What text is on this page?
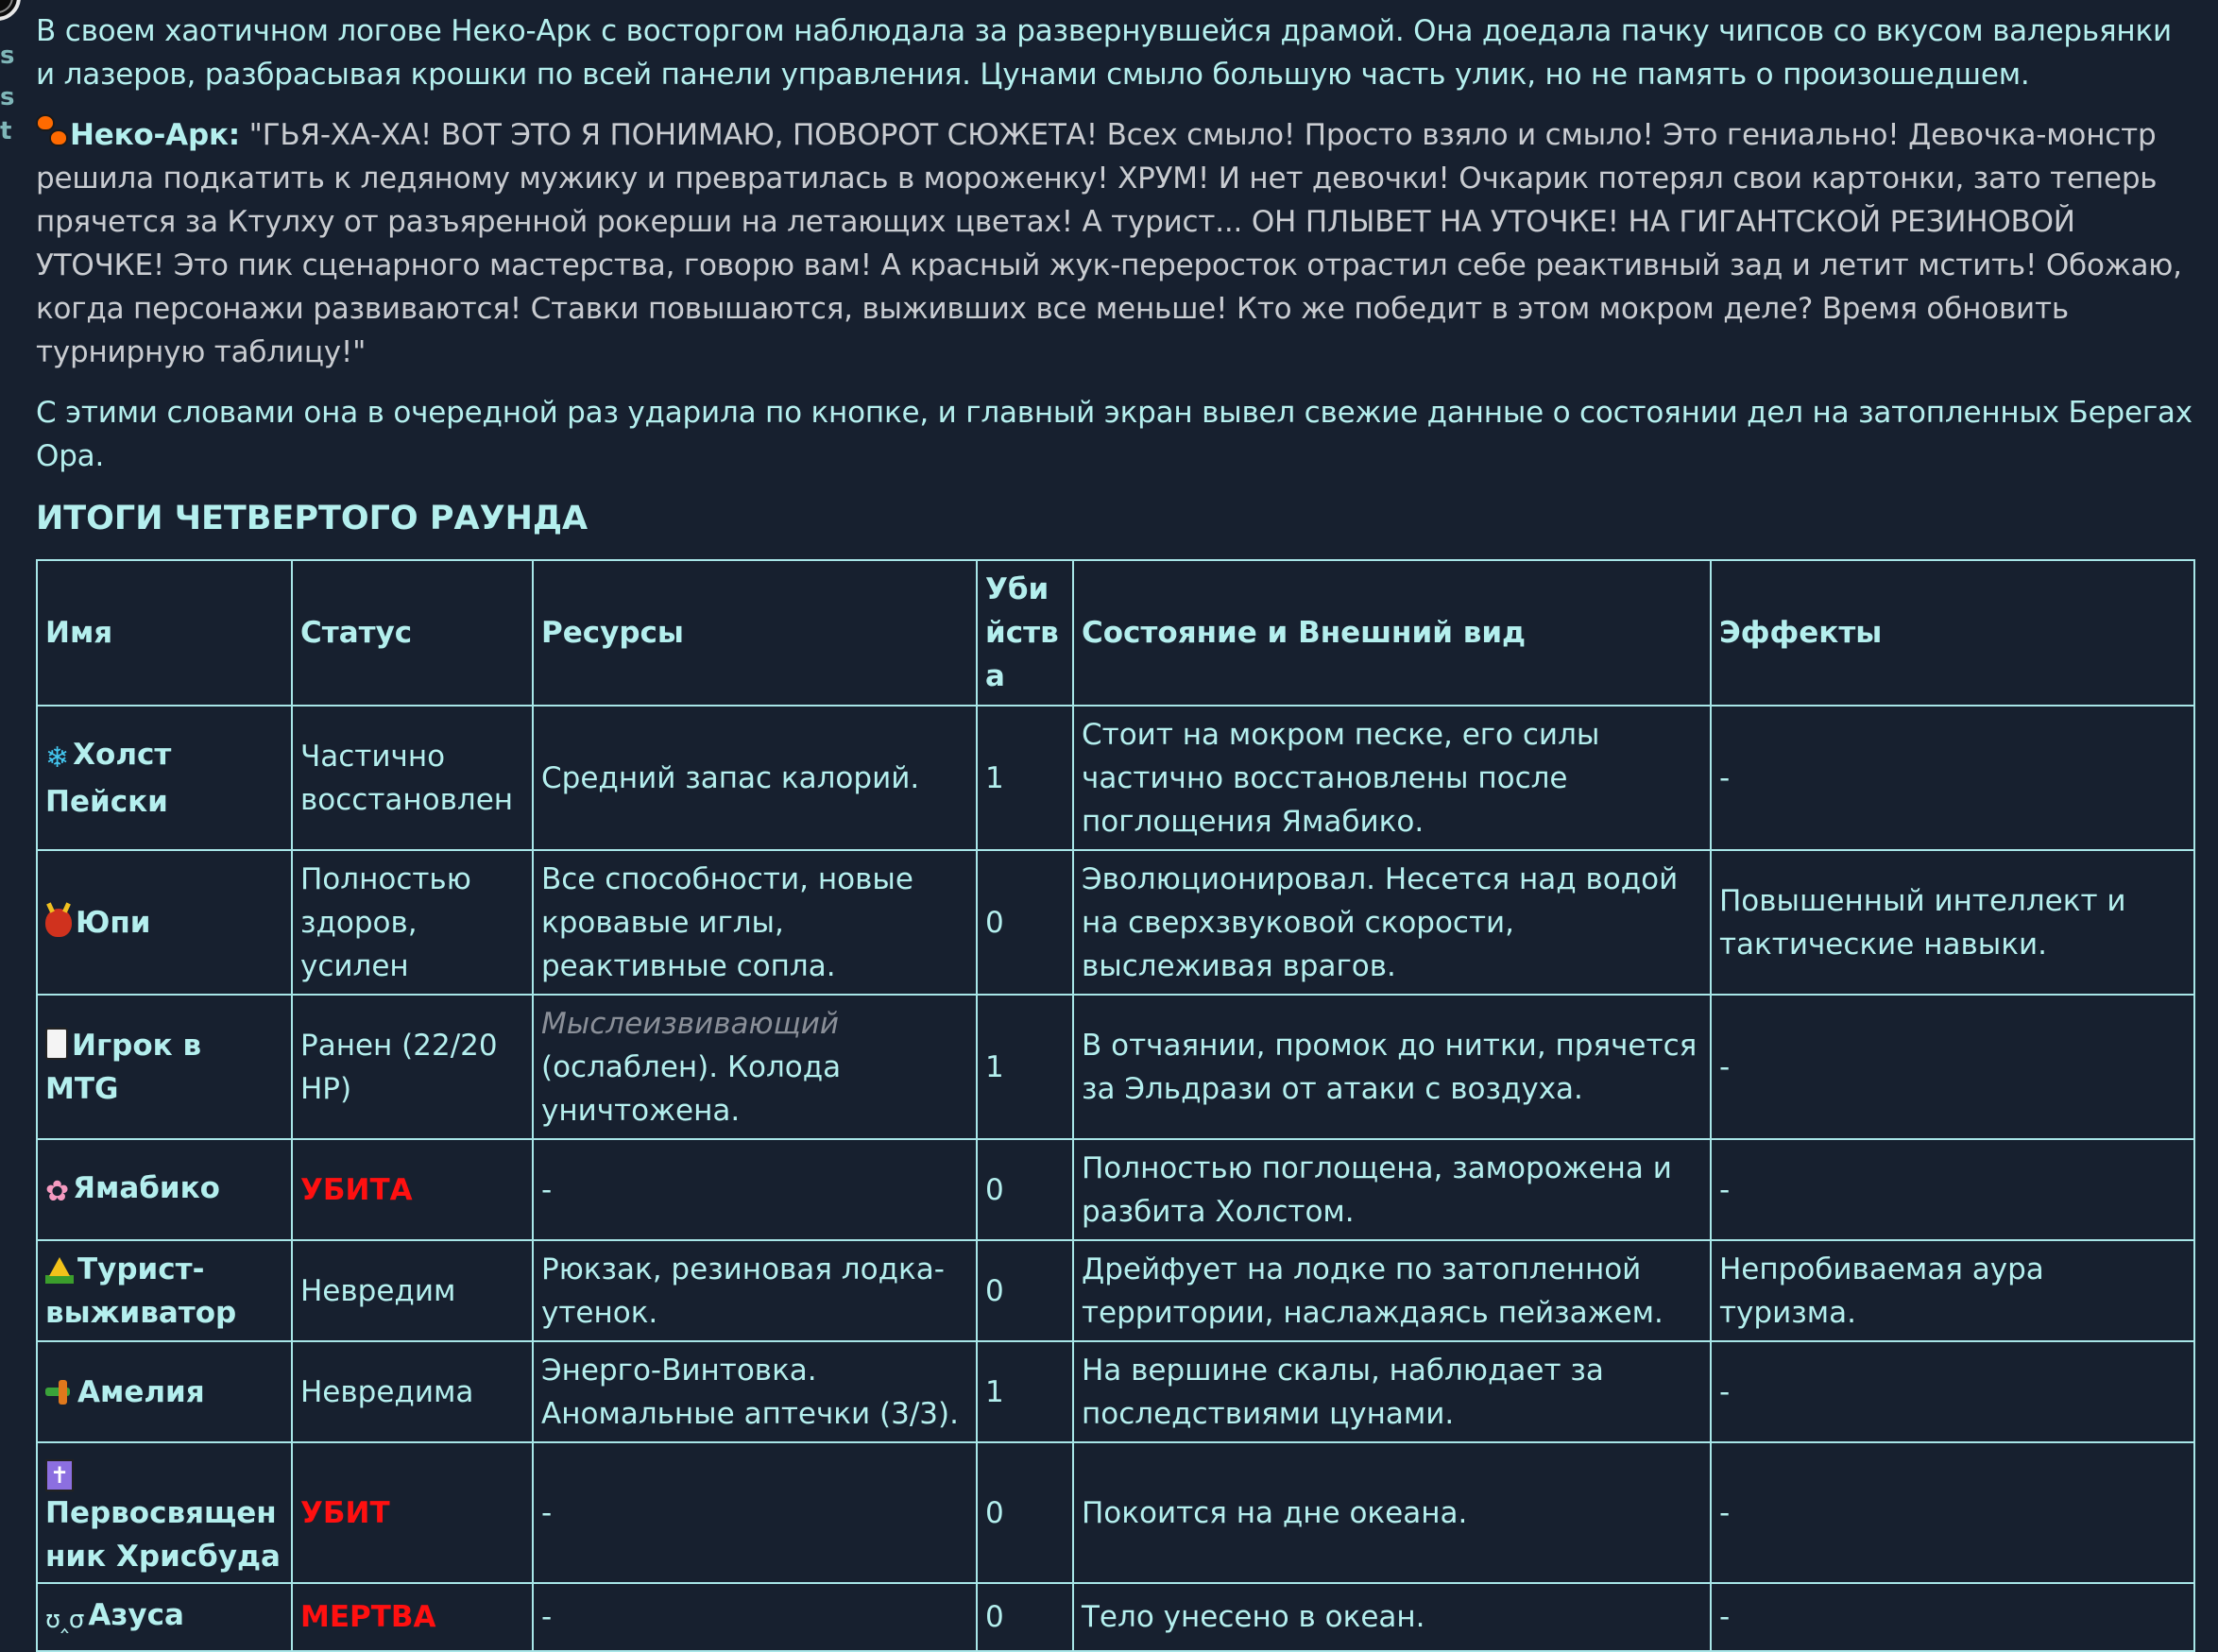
s
s
t

В своем хаотичном логове Неко-Арк с восторгом наблюдала за развернувшейся драмой. Она доедала пачку чипсов со вкусом валерьянки и лазеров, разбрасывая крошки по всей панели управления. Цунами смыло большую часть улик, но не память о произошедшем.

Неко-Арк: "ГЬЯ-ХА-ХА! ВОТ ЭТО Я ПОНИМАЮ, ПОВОРОТ СЮЖЕТА! Всех смыло! Просто взяло и смыло! Это гениально! Девочка-монстр решила подкатить к ледяному мужику и превратилась в мороженку! ХРУМ! И нет девочки! Очкарик потерял свои картонки, зато теперь прячется за Ктулху от разъяренной рокерши на летающих цветах! А турист... ОН ПЛЫВЕТ НА УТОЧКЕ! НА ГИГАНТСКОЙ РЕЗИНОВОЙ УТОЧКЕ! Это пик сценарного мастерства, говорю вам! А красный жук-переросток отрастил себе реактивный зад и летит мстить! Обожаю, когда персонажи развиваются! Ставки повышаются, выживших все меньше! Кто же победит в этом мокром деле? Время обновить турнирную таблицу!"

С этими словами она в очередной раз ударила по кнопке, и главный экран вывел свежие данные о состоянии дел на затопленных Берегах Ора.

ИТОГИ ЧЕТВЕРТОГО РАУНДА
Имя	Статус	Ресурсы	Убийства	Состояние и Внешний вид	Эффекты
❄ Холст Пейски	Частично восстановлен	Средний запас калорий.	1	Стоит на мокром песке, его силы частично восстановлены после поглощения Ямабико.	-
Юпи	Полностью здоров, усилен	Все способности, новые кровавые иглы, реактивные сопла.	0	Эволюционировал. Несется над водой на сверхзвуковой скорости, выслеживая врагов.	Повышенный интеллект и тактические навыки.
Игрок в MTG	Ранен (22/20 HP)	Мыслеизвивающий (ослаблен). Колода уничтожена.	1	В отчаянии, промок до нитки, прячется за Эльдрази от атаки с воздуха.	-
✿ Ямабико	УБИТА	-	0	Полностью поглощена, заморожена и разбита Холстом.	-
Турист-выживатор	Невредим	Рюкзак, резиновая лодка-утенок.	0	Дрейфует на лодке по затопленной территории, наслаждаясь пейзажем.	Непробиваемая аура туризма.
Амелия	Невредима	Энерго-Винтовка. Аномальные аптечки (3/3).	1	На вершине скалы, наблюдает за последствиями цунами.	-
✝Первосвященник Хрисбуда	УБИТ	-	0	Покоится на дне океана.	-
ʊ‸σ Азуса	МЕРТВА	-	0	Тело унесено в океан.	-
